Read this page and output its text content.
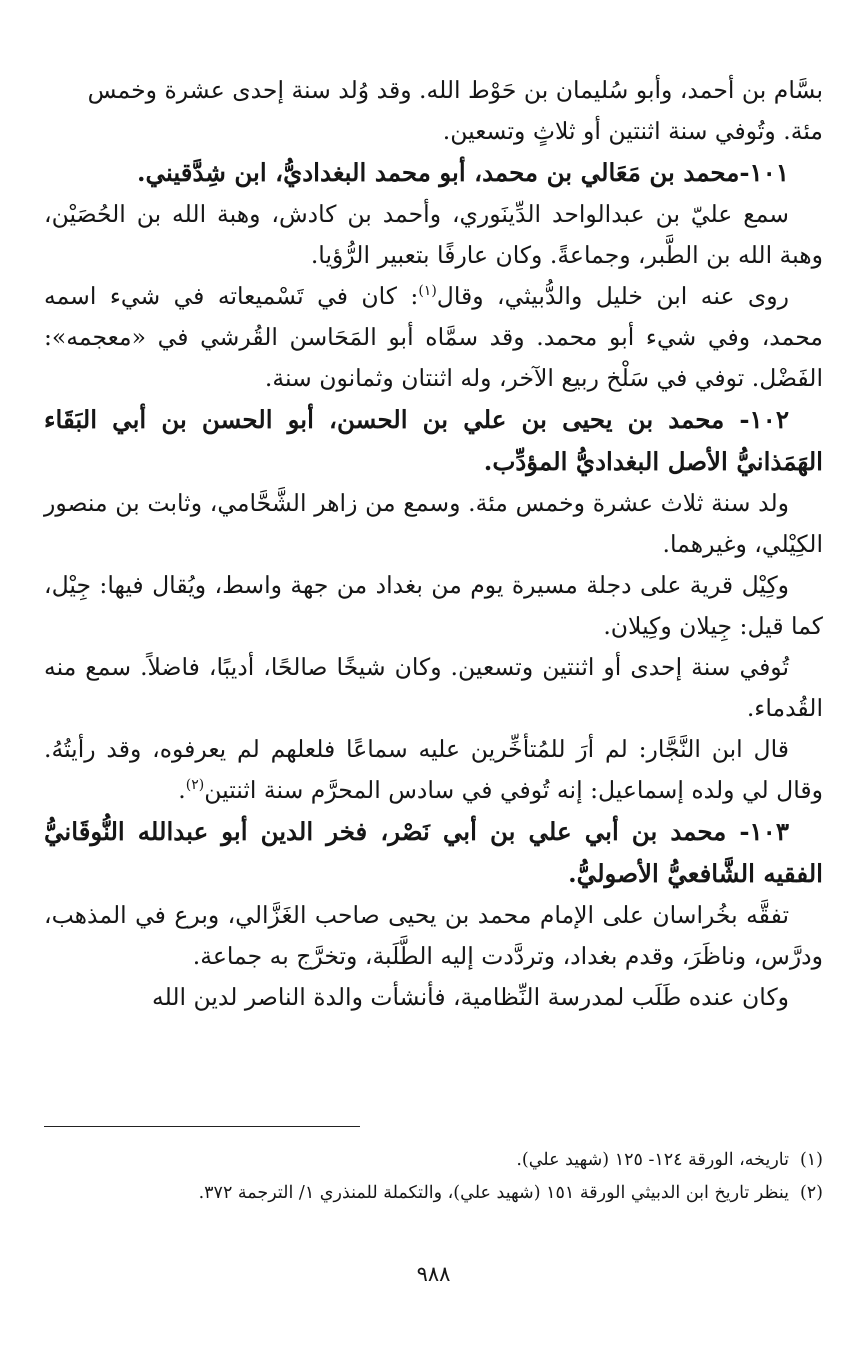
بسَّام بن أحمد، وأبو سُليمان بن حَوْط الله. وقد وُلد سنة إحدى عشرة وخمس

مئة. وتُوفي سنة اثنتين أو ثلاثٍ وتسعين.

١٠١-محمد بن مَعَالي بن محمد، أبو محمد البغداديُّ، ابن شِدَّقيني.

سمع عليّ بن عبدالواحد الدِّينَوري، وأحمد بن كادش، وهبة الله بن الحُصَيْن، وهبة الله بن الطَّبر، وجماعةً. وكان عارفًا بتعبير الرُّؤيا.

روى عنه ابن خليل والدُّبيثي، وقال$^{(١)}$: كان في تَسْميعاته في شيء اسمه محمد، وفي شيء أبو محمد. وقد سمَّاه أبو المَحَاسن القُرشي في «معجمه»: الفَضْل. توفي في سَلْخ ربيع الآخر، وله اثنتان وثمانون سنة.

١٠٢- محمد بن يحيى بن علي بن الحسن، أبو الحسن بن أبي البَقَاء الهَمَذانيُّ الأصل البغداديُّ المؤدِّب.

ولد سنة ثلاث عشرة وخمس مئة. وسمع من زاهر الشَّحَّامي، وثابت بن منصور الكِيْلي، وغيرهما.

وكِيْل قرية على دجلة مسيرة يوم من بغداد من جهة واسط، ويُقال فيها: جِيْل، كما قيل: جِيلان وكِيلان.

تُوفي سنة إحدى أو اثنتين وتسعين. وكان شيخًا صالحًا، أديبًا، فاضلاً. سمع منه القُدماء.

قال ابن النَّجَّار: لم أرَ للمُتأخِّرين عليه سماعًا فلعلهم لم يعرفوه، وقد رأيتُهُ. وقال لي ولده إسماعيل: إنه تُوفي في سادس المحرَّم سنة اثنتين$^{(٢)}$.

١٠٣- محمد بن أبي علي بن أبي نَصْر، فخر الدين أبو عبدالله النُّوقَانيُّ الفقيه الشَّافعيُّ الأصوليُّ.

تفقَّه بخُراسان على الإمام محمد بن يحيى صاحب الغَزَّالي، وبرع في المذهب، ودرَّس، وناظَرَ، وقدم بغداد، وتردَّدت إليه الطَّلَبة، وتخرَّج به جماعة.

وكان عنده طَلَب لمدرسة النِّظامية، فأنشأت والدة الناصر لدين الله

(١)تاريخه، الورقة ١٢٤- ١٢٥ (شهيد علي).

(٢)ينظر تاريخ ابن الدبيثي الورقة ١٥١ (شهيد علي)، والتكملة للمنذري ١/ الترجمة ٣٧٢.

٩٨٨
